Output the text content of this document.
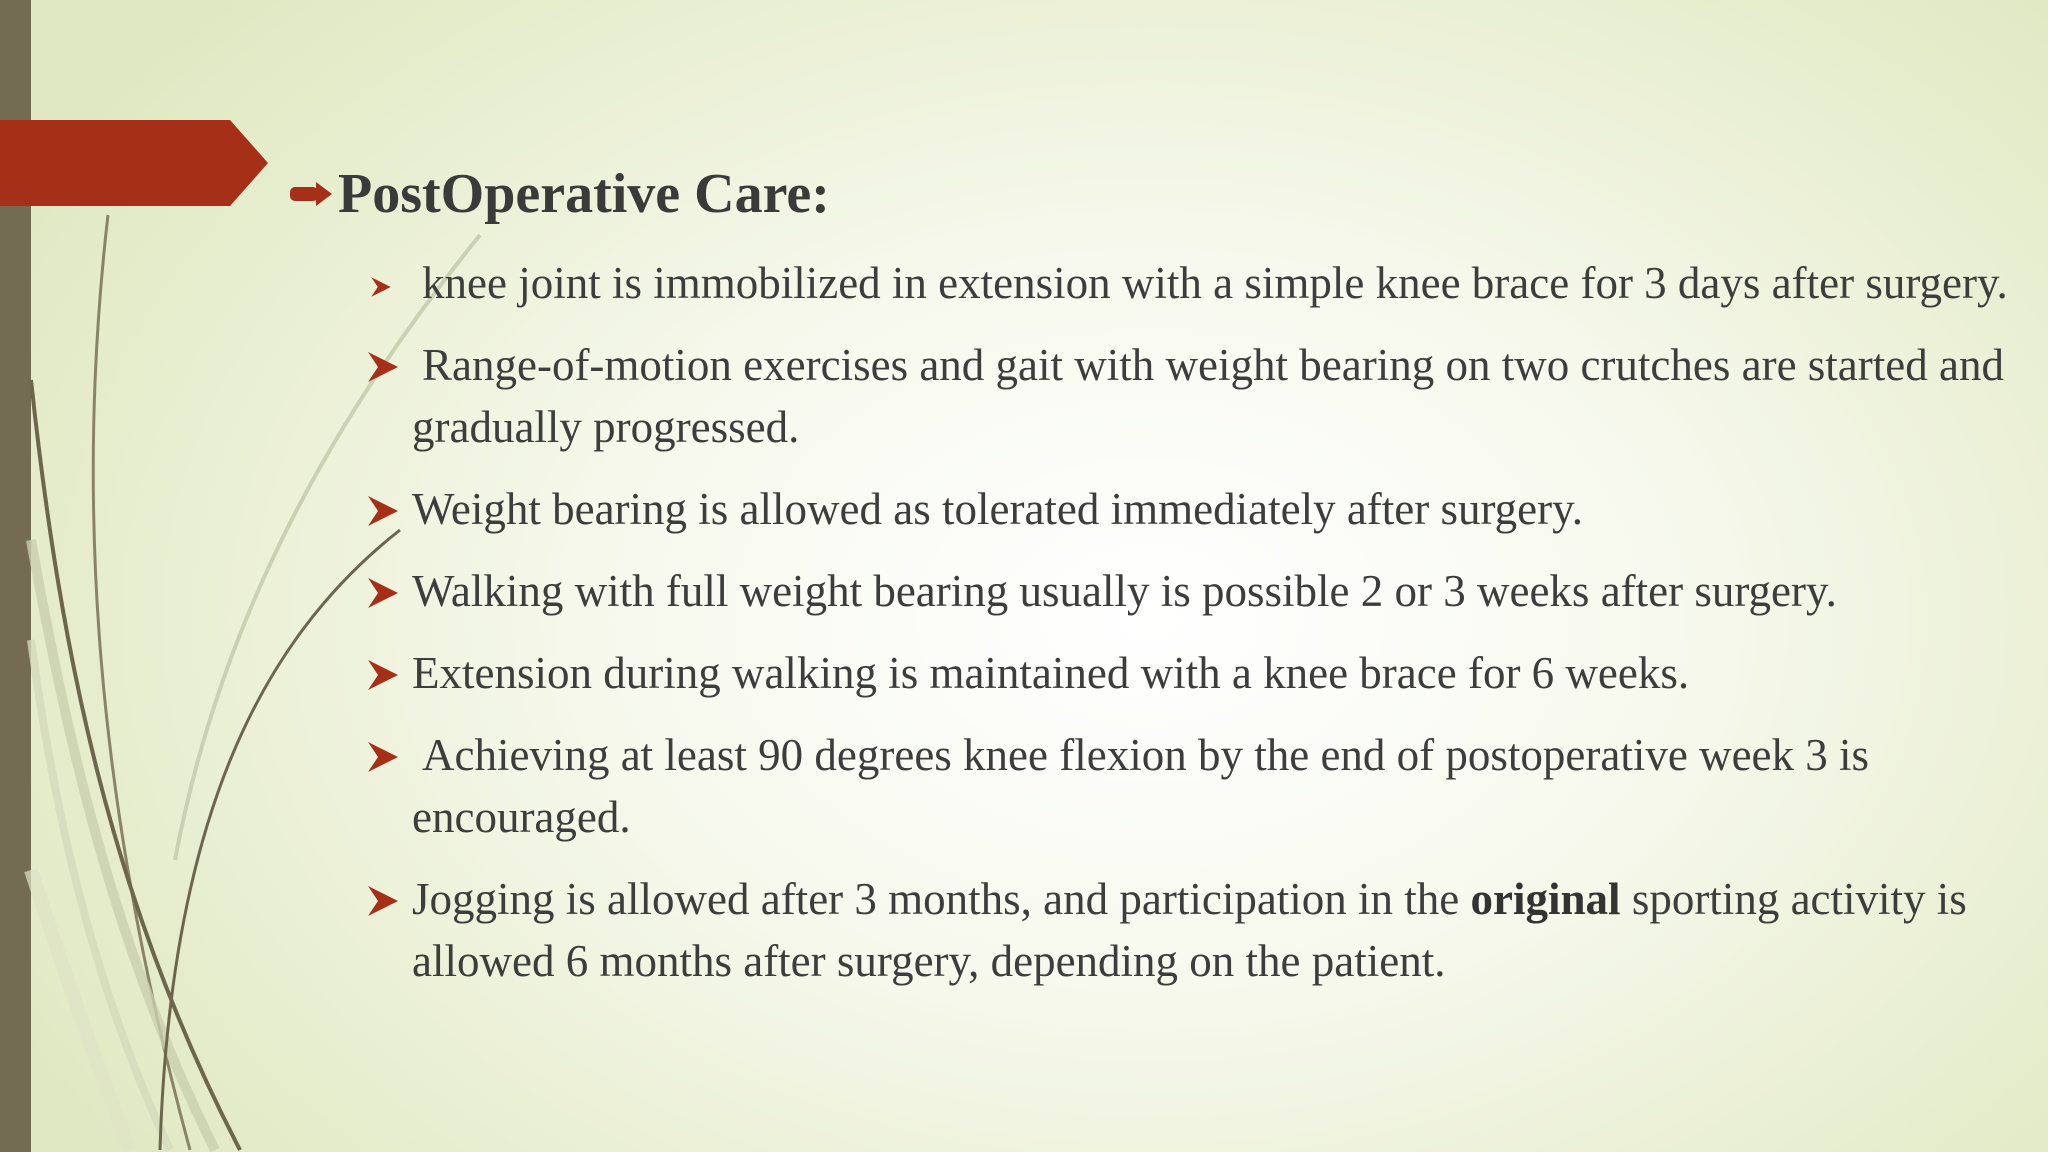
PostOperative Care:
knee joint is immobilized in extension with a simple knee brace for 3 days after surgery.
Range-of-motion exercises and gait with weight bearing on two crutches are started and gradually progressed.
Weight bearing is allowed as tolerated immediately after surgery.
Walking with full weight bearing usually is possible 2 or 3 weeks after surgery.
Extension during walking is maintained with a knee brace for 6 weeks.
Achieving at least 90 degrees knee flexion by the end of postoperative week 3 is encouraged.
Jogging is allowed after 3 months, and participation in the original sporting activity is allowed 6 months after surgery, depending on the patient.
